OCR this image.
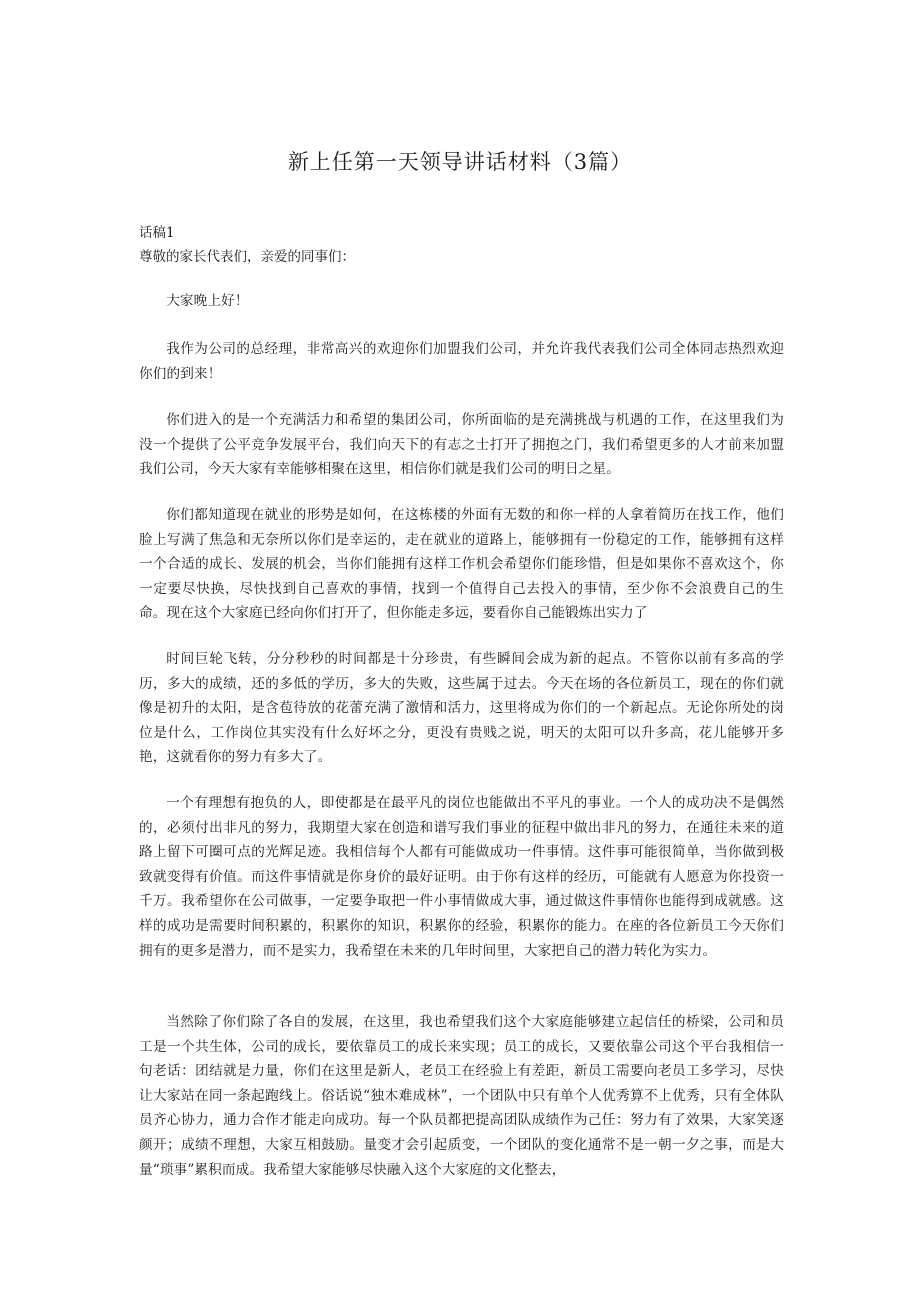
新上任第一天领导讲话材料（3篇）
话稿1
尊敬的家长代表们，亲爱的同事们：

大家晚上好！

我作为公司的总经理，非常高兴的欢迎你们加盟我们公司，并允许我代表我们公司全体同志热烈欢迎你们的到来！

你们进入的是一个充满活力和希望的集团公司，你所面临的是充满挑战与机遇的工作，在这里我们为没一个提供了公平竞争发展平台，我们向天下的有志之士打开了拥抱之门，我们希望更多的人才前来加盟我们公司，今天大家有幸能够相聚在这里，相信你们就是我们公司的明日之星。

你们都知道现在就业的形势是如何，在这栋楼的外面有无数的和你一样的人拿着简历在找工作，他们脸上写满了焦急和无奈所以你们是幸运的，走在就业的道路上，能够拥有一份稳定的工作，能够拥有这样一个合适的成长、发展的机会，当你们能拥有这样工作机会希望你们能珍惜，但是如果你不喜欢这个，你一定要尽快换，尽快找到自己喜欢的事情，找到一个值得自己去投入的事情，至少你不会浪费自己的生命。现在这个大家庭已经向你们打开了，但你能走多远，要看你自己能锻炼出实力了

时间巨轮飞转，分分秒秒的时间都是十分珍贵，有些瞬间会成为新的起点。不管你以前有多高的学历，多大的成绩，还的多低的学历，多大的失败，这些属于过去。今天在场的各位新员工，现在的你们就像是初升的太阳，是含苞待放的花蕾充满了激情和活力，这里将成为你们的一个新起点。无论你所处的岗位是什么，工作岗位其实没有什么好坏之分，更没有贵贱之说，明天的太阳可以升多高，花儿能够开多艳，这就看你的努力有多大了。

一个有理想有抱负的人，即使都是在最平凡的岗位也能做出不平凡的事业。一个人的成功决不是偶然的，必须付出非凡的努力，我期望大家在创造和谱写我们事业的征程中做出非凡的努力，在通往未来的道路上留下可圈可点的光辉足迹。我相信每个人都有可能做成功一件事情。这件事可能很简单，当你做到极致就变得有价值。而这件事情就是你身价的最好证明。由于你有这样的经历，可能就有人愿意为你投资一千万。我希望你在公司做事，一定要争取把一件小事情做成大事，通过做这件事情你也能得到成就感。这样的成功是需要时间积累的，积累你的知识，积累你的经验，积累你的能力。在座的各位新员工今天你们拥有的更多是潜力，而不是实力，我希望在未来的几年时间里，大家把自己的潜力转化为实力。

当然除了你们除了各自的发展，在这里，我也希望我们这个大家庭能够建立起信任的桥梁，公司和员工是一个共生体，公司的成长，要依靠员工的成长来实现；员工的成长，又要依靠公司这个平台我相信一句老话：团结就是力量，你们在这里是新人，老员工在经验上有差距，新员工需要向老员工多学习，尽快让大家站在同一条起跑线上。俗话说“独木难成林”，一个团队中只有单个人优秀算不上优秀，只有全体队员齐心协力，通力合作才能走向成功。每一个队员都把提高团队成绩作为己任：努力有了效果，大家笑逐颜开；成绩不理想，大家互相鼓励。量变才会引起质变，一个团队的变化通常不是一朝一夕之事，而是大量“琐事”累积而成。我希望大家能够尽快融入这个大家庭的文化整去，
